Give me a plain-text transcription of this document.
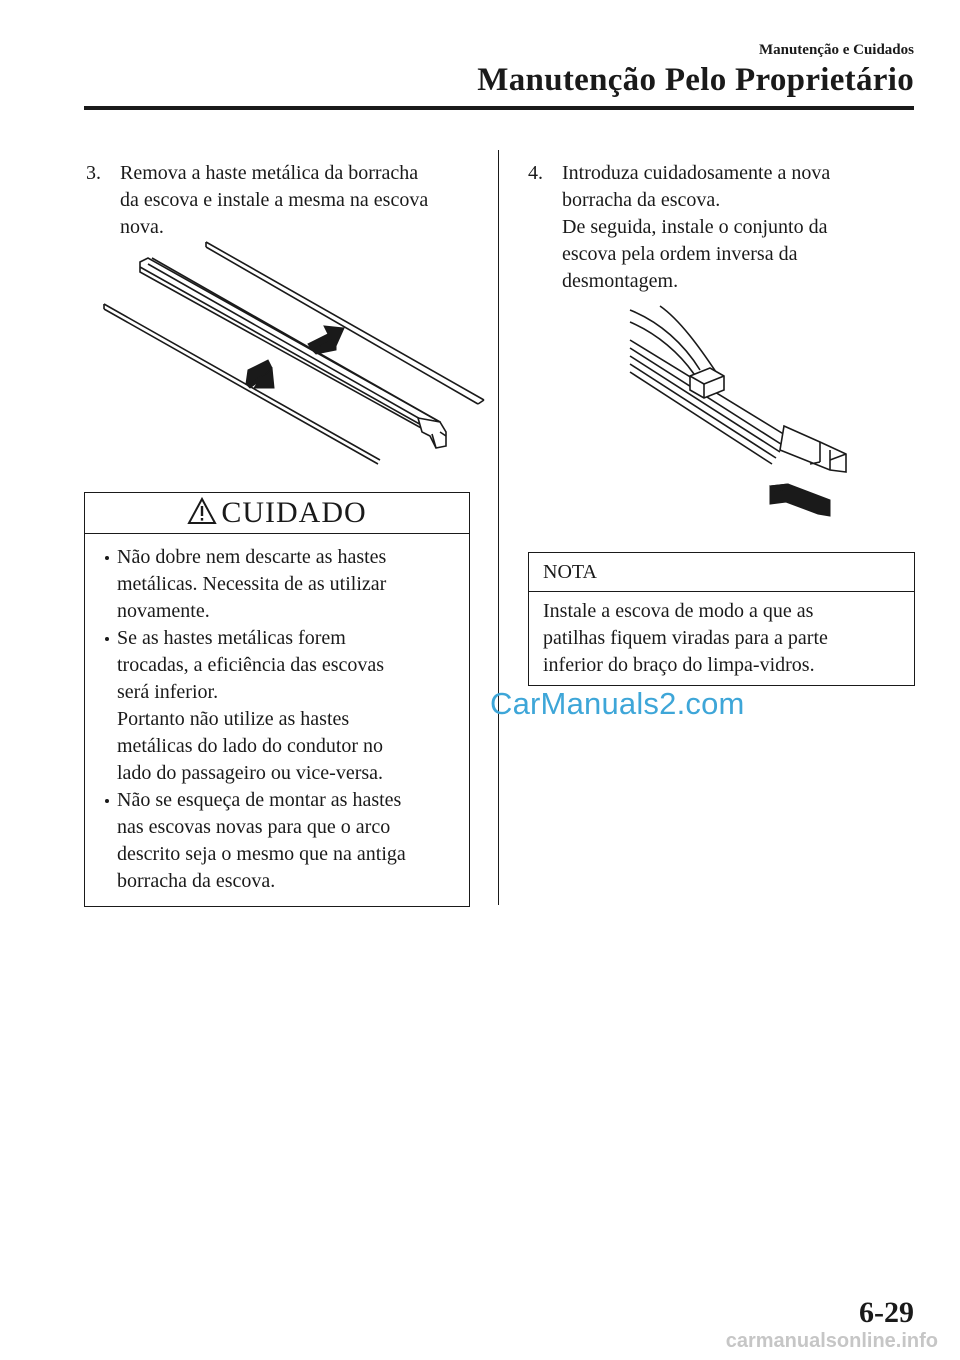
Manutenção e Cuidados
Manutenção Pelo Proprietário
3. Remova a haste metálica da borracha
da escova e instale a mesma na escova
nova.
CUIDADO
Não dobre nem descarte as hastes
metálicas. Necessita de as utilizar
novamente.
Se as hastes metálicas forem
trocadas, a eficiência das escovas
será inferior.
Portanto não utilize as hastes
metálicas do lado do condutor no
lado do passageiro ou vice-versa.
Não se esqueça de montar as hastes
nas escovas novas para que o arco
descrito seja o mesmo que na antiga
borracha da escova.
4. Introduza cuidadosamente a nova
borracha da escova.
De seguida, instale o conjunto da
escova pela ordem inversa da
desmontagem.
NOTA
Instale a escova de modo a que as
patilhas fiquem viradas para a parte
inferior do braço do limpa-vidros.
CarManuals2.com
6-29
carmanualsonline.info
